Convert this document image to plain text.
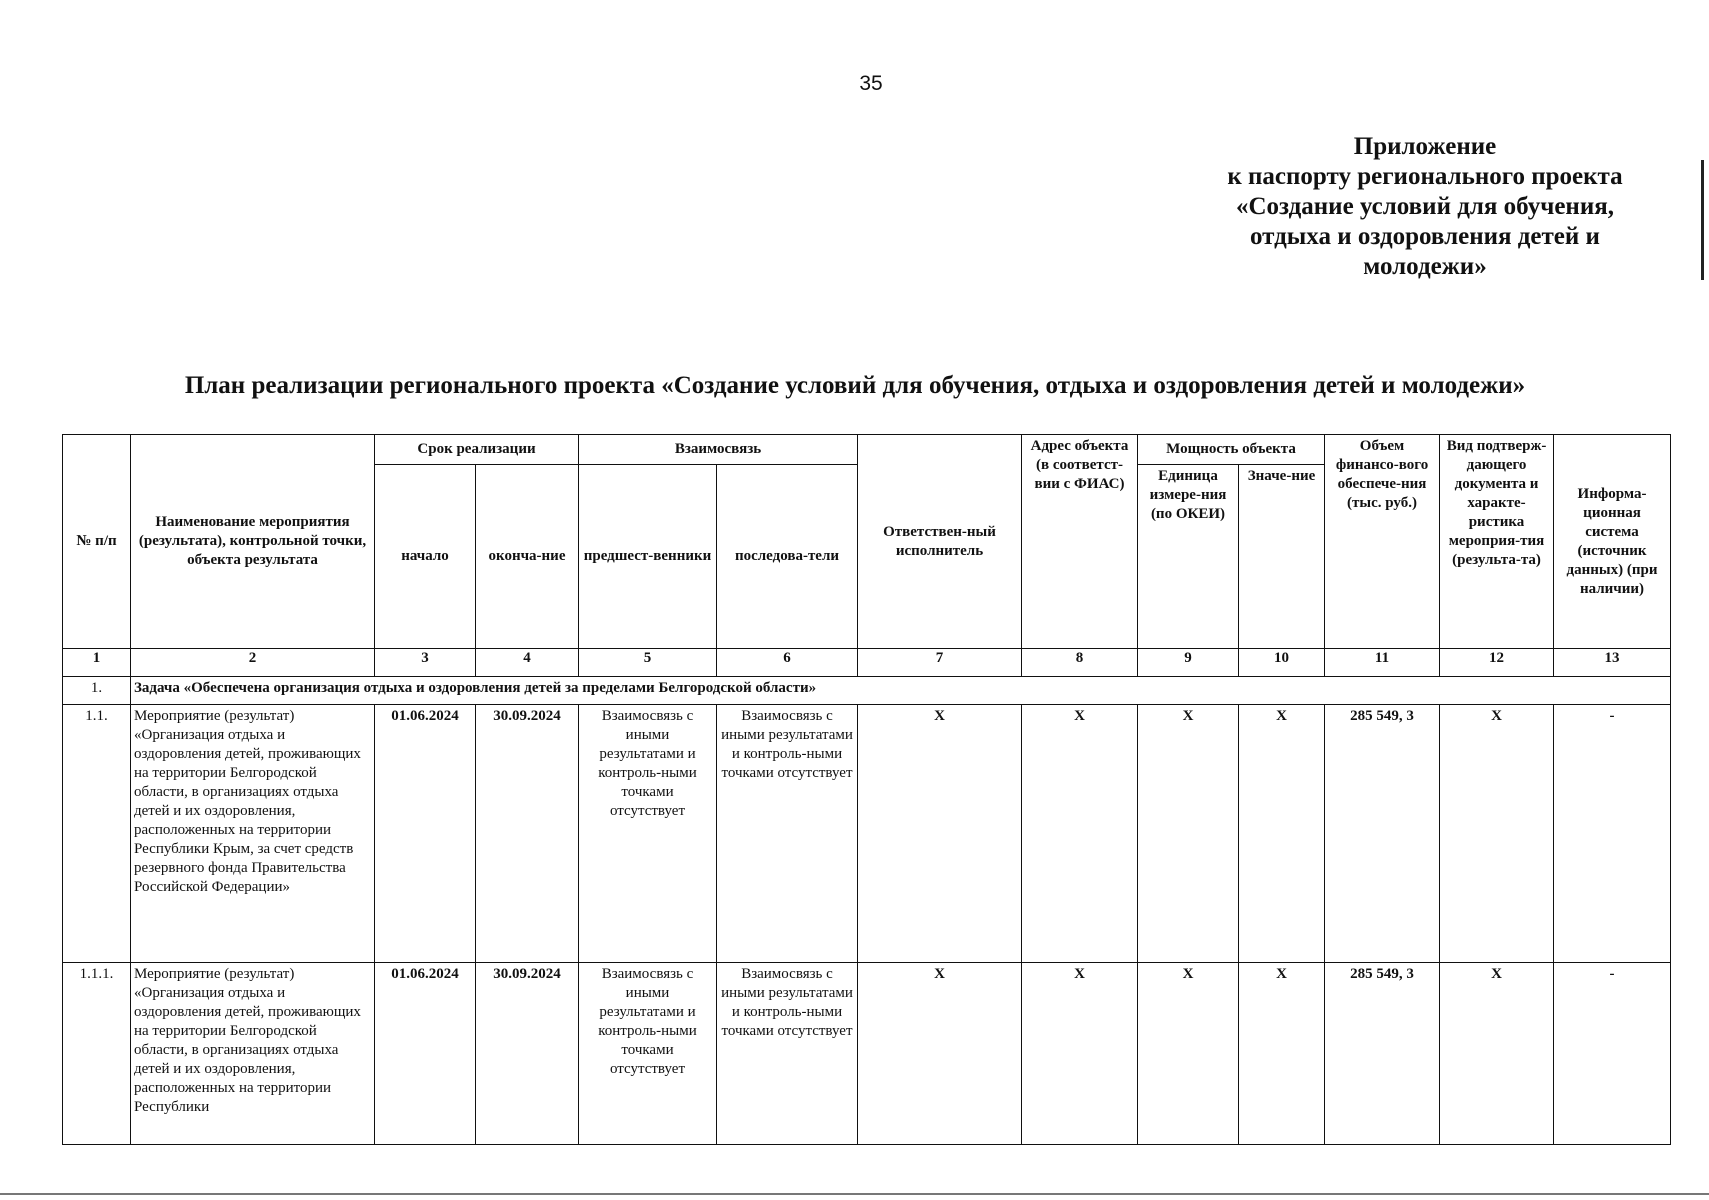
35
Приложение
к паспорту регионального проекта
«Создание условий для обучения,
отдыха и оздоровления детей и
молодежи»
План реализации регионального проекта «Создание условий для обучения, отдыха и оздоровления детей и молодежи»
№ п/п	Наименование мероприятия (результата), контрольной точки, объекта результата	Срок реализации		Взаимосвязь		Ответствен-ный исполнитель	Адрес объекта (в соответст-вии с ФИАС)	Мощность объекта		Объем финансо-вого обеспече-ния (тыс. руб.)	Вид подтверж-дающего документа и характе-ристика мероприя-тия (результа-та)	Информа-ционная система (источник данных) (при наличии)
		начало	оконча-ние	предшест-венники	последова-тели			Единица измере-ния (по ОКЕИ)	Значе-ние			
1	2	3	4	5	6	7	8	9	10	11	12	13
1.	Задача «Обеспечена организация отдыха и оздоровления детей за пределами Белгородской области»											
1.1.	Мероприятие (результат) «Организация отдыха и оздоровления детей, проживающих на территории Белгородской области, в организациях отдыха детей и их оздоровления, расположенных на территории Республики Крым, за счет средств резервного фонда Правительства Российской Федерации»	01.06.2024	30.09.2024	Взаимосвязь с иными результатами и контроль-ными точками отсутствует	Взаимосвязь с иными результатами и контроль-ными точками отсутствует	X	X	X	X	285 549, 3	X	-
1.1.1.	Мероприятие (результат) «Организация отдыха и оздоровления детей, проживающих на территории Белгородской области, в организациях отдыха детей и их оздоровления, расположенных на территории Республики	01.06.2024	30.09.2024	Взаимосвязь с иными результатами и контроль-ными точками отсутствует	Взаимосвязь с иными результатами и контроль-ными точками отсутствует	X	X	X	X	285 549, 3	X	-
